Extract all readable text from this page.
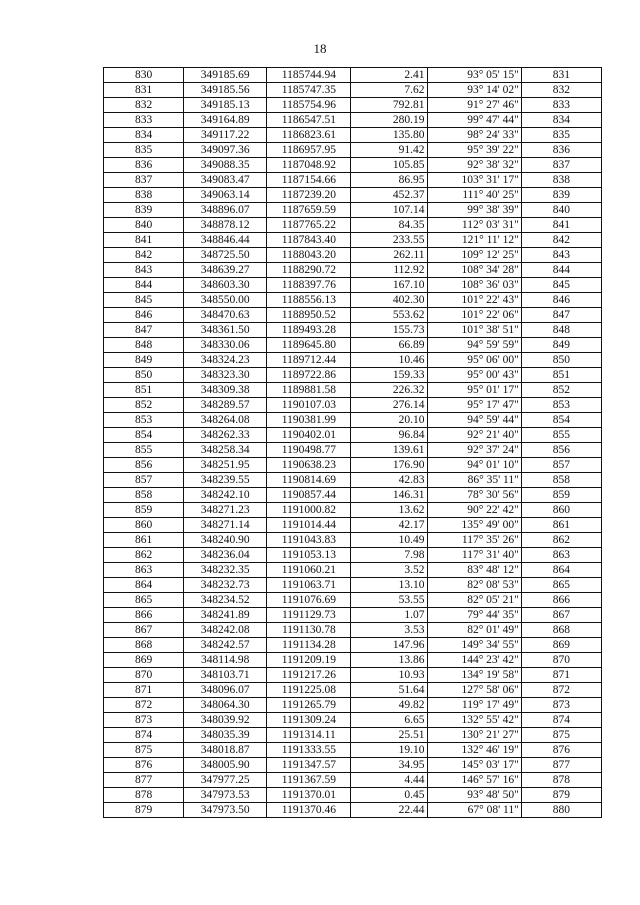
18
830	349185.69	1185744.94	2.41	93° 05' 15"	831
831	349185.56	1185747.35	7.62	93° 14' 02"	832
832	349185.13	1185754.96	792.81	91° 27' 46"	833
833	349164.89	1186547.51	280.19	99° 47' 44"	834
834	349117.22	1186823.61	135.80	98° 24' 33"	835
835	349097.36	1186957.95	91.42	95° 39' 22"	836
836	349088.35	1187048.92	105.85	92° 38' 32"	837
837	349083.47	1187154.66	86.95	103° 31' 17"	838
838	349063.14	1187239.20	452.37	111° 40' 25"	839
839	348896.07	1187659.59	107.14	99° 38' 39"	840
840	348878.12	1187765.22	84.35	112° 03' 31"	841
841	348846.44	1187843.40	233.55	121° 11' 12"	842
842	348725.50	1188043.20	262.11	109° 12' 25"	843
843	348639.27	1188290.72	112.92	108° 34' 28"	844
844	348603.30	1188397.76	167.10	108° 36' 03"	845
845	348550.00	1188556.13	402.30	101° 22' 43"	846
846	348470.63	1188950.52	553.62	101° 22' 06"	847
847	348361.50	1189493.28	155.73	101° 38' 51"	848
848	348330.06	1189645.80	66.89	94° 59' 59"	849
849	348324.23	1189712.44	10.46	95° 06' 00"	850
850	348323.30	1189722.86	159.33	95° 00' 43"	851
851	348309.38	1189881.58	226.32	95° 01' 17"	852
852	348289.57	1190107.03	276.14	95° 17' 47"	853
853	348264.08	1190381.99	20.10	94° 59' 44"	854
854	348262.33	1190402.01	96.84	92° 21' 40"	855
855	348258.34	1190498.77	139.61	92° 37' 24"	856
856	348251.95	1190638.23	176.90	94° 01' 10"	857
857	348239.55	1190814.69	42.83	86° 35' 11"	858
858	348242.10	1190857.44	146.31	78° 30' 56"	859
859	348271.23	1191000.82	13.62	90° 22' 42"	860
860	348271.14	1191014.44	42.17	135° 49' 00"	861
861	348240.90	1191043.83	10.49	117° 35' 26"	862
862	348236.04	1191053.13	7.98	117° 31' 40"	863
863	348232.35	1191060.21	3.52	83° 48' 12"	864
864	348232.73	1191063.71	13.10	82° 08' 53"	865
865	348234.52	1191076.69	53.55	82° 05' 21"	866
866	348241.89	1191129.73	1.07	79° 44' 35"	867
867	348242.08	1191130.78	3.53	82° 01' 49"	868
868	348242.57	1191134.28	147.96	149° 34' 55"	869
869	348114.98	1191209.19	13.86	144° 23' 42"	870
870	348103.71	1191217.26	10.93	134° 19' 58"	871
871	348096.07	1191225.08	51.64	127° 58' 06"	872
872	348064.30	1191265.79	49.82	119° 17' 49"	873
873	348039.92	1191309.24	6.65	132° 55' 42"	874
874	348035.39	1191314.11	25.51	130° 21' 27"	875
875	348018.87	1191333.55	19.10	132° 46' 19"	876
876	348005.90	1191347.57	34.95	145° 03' 17"	877
877	347977.25	1191367.59	4.44	146° 57' 16"	878
878	347973.53	1191370.01	0.45	93° 48' 50"	879
879	347973.50	1191370.46	22.44	67° 08' 11"	880
